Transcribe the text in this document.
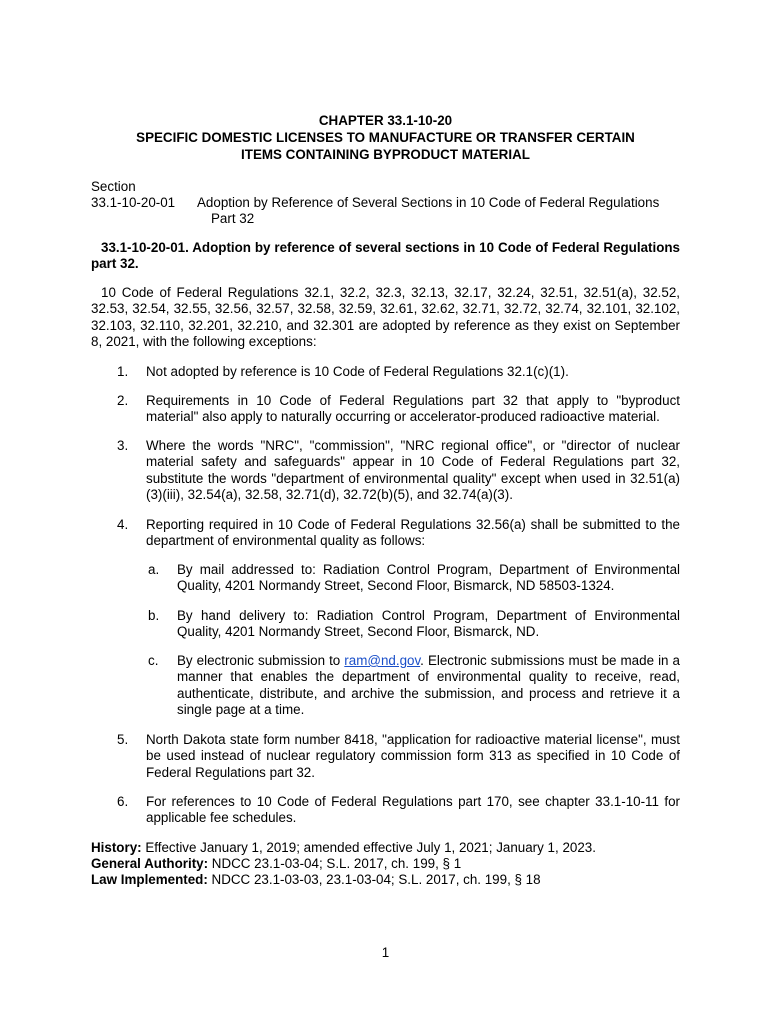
CHAPTER 33.1-10-20
SPECIFIC DOMESTIC LICENSES TO MANUFACTURE OR TRANSFER CERTAIN
ITEMS CONTAINING BYPRODUCT MATERIAL
Section
33.1-10-20-01 Adoption by Reference of Several Sections in 10 Code of Federal Regulations
Part 32
33.1-10-20-01. Adoption by reference of several sections in 10 Code of Federal Regulations part 32.
10 Code of Federal Regulations 32.1, 32.2, 32.3, 32.13, 32.17, 32.24, 32.51, 32.51(a), 32.52, 32.53, 32.54, 32.55, 32.56, 32.57, 32.58, 32.59, 32.61, 32.62, 32.71, 32.72, 32.74, 32.101, 32.102, 32.103, 32.110, 32.201, 32.210, and 32.301 are adopted by reference as they exist on September 8, 2021, with the following exceptions:
1. Not adopted by reference is 10 Code of Federal Regulations 32.1(c)(1).
2. Requirements in 10 Code of Federal Regulations part 32 that apply to "byproduct material" also apply to naturally occurring or accelerator-produced radioactive material.
3. Where the words "NRC", "commission", "NRC regional office", or "director of nuclear material safety and safeguards" appear in 10 Code of Federal Regulations part 32, substitute the words "department of environmental quality" except when used in 32.51(a)(3)(iii), 32.54(a), 32.58, 32.71(d), 32.72(b)(5), and 32.74(a)(3).
4. Reporting required in 10 Code of Federal Regulations 32.56(a) shall be submitted to the department of environmental quality as follows:
a. By mail addressed to: Radiation Control Program, Department of Environmental Quality, 4201 Normandy Street, Second Floor, Bismarck, ND 58503-1324.
b. By hand delivery to: Radiation Control Program, Department of Environmental Quality, 4201 Normandy Street, Second Floor, Bismarck, ND.
c. By electronic submission to ram@nd.gov. Electronic submissions must be made in a manner that enables the department of environmental quality to receive, read, authenticate, distribute, and archive the submission, and process and retrieve it a single page at a time.
5. North Dakota state form number 8418, "application for radioactive material license", must be used instead of nuclear regulatory commission form 313 as specified in 10 Code of Federal Regulations part 32.
6. For references to 10 Code of Federal Regulations part 170, see chapter 33.1-10-11 for applicable fee schedules.
History: Effective January 1, 2019; amended effective July 1, 2021; January 1, 2023.
General Authority: NDCC 23.1-03-04; S.L. 2017, ch. 199, § 1
Law Implemented: NDCC 23.1-03-03, 23.1-03-04; S.L. 2017, ch. 199, § 18
1
